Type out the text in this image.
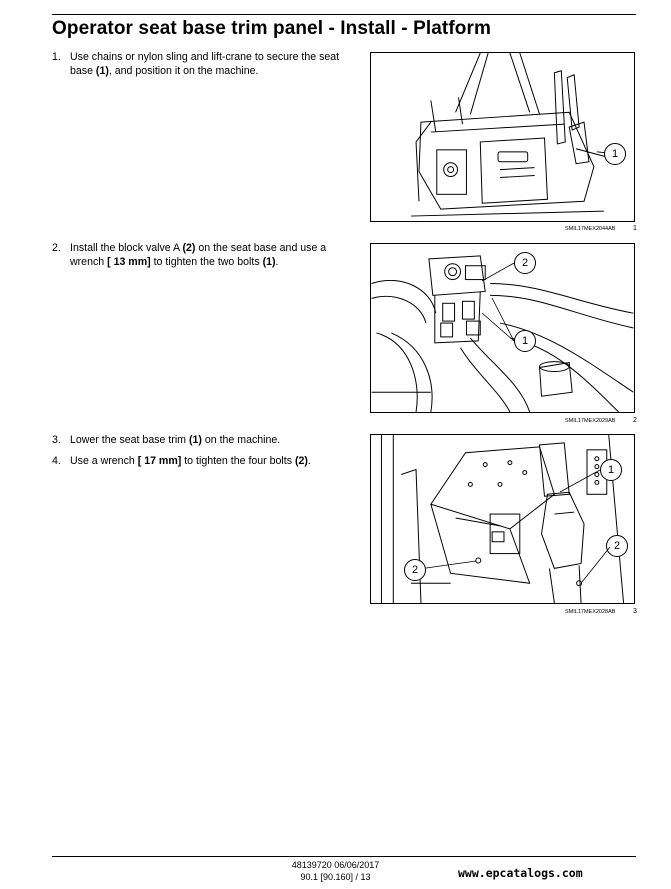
Operator seat base trim panel - Install - Platform
1. Use chains or nylon sling and lift-crane to secure the seat base (1), and position it on the machine.
2. Install the block valve A (2) on the seat base and use a wrench [ 13 mm] to tighten the two bolts (1).
3. Lower the seat base trim (1) on the machine.
4. Use a wrench [ 17 mm] to tighten the four bolts (2).
1
SMIL17MEX2044AB	1
2
1
SMIL17MEX2029AB	2
1
2
2
SMIL17MEX2028AB	3
48139720 06/06/2017
90.1 [90.160] / 13	www.epcatalogs.com
